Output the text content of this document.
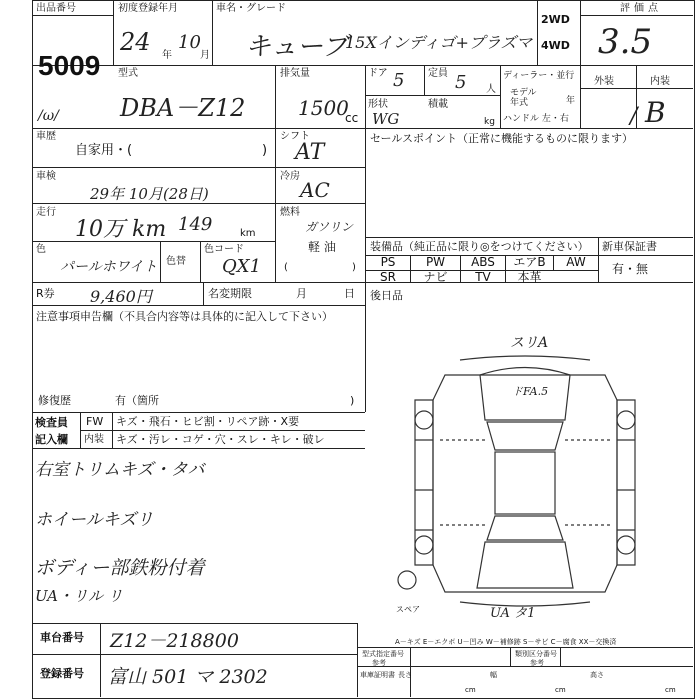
出品番号
5009
初度登録年月
24 年
10
月
車名・グレード
キューブ
15Xインディゴ+プラズマ
2WD
4WD
評価点
3.5
型式
/ω/	DBA－Z12
排気量
1500
cc
ドア 5 定員 5 人
形状
WG
積載
kg
ディーラー・並行
モデル年式	年
ハンドル 左・右
外装	内装
/ B
車歴
自家用・(	)
車検
29年 10月(28日)
走行
10万 km 149	km
色
パールホワイト 色替
色コード
QX1
シフト
AT
冷房
AC
燃料
ガソリン
軽 油
(	)
セールスポイント（正常に機能するものに限ります）
装備品（純正品に限り◎をつけてください） 新車保証書
有・無
PS	PW	ABS	エアB	AW
SR	ナビ	TV	本革
R券 9,460円	名変期限	月	日 後日品
注意事項申告欄（不具合内容等は具体的に記入して下さい）
修復歴	有（箇所	)
検査員
記入欄
FW キズ・飛石・ヒビ割・リペア跡・X要
内装 キズ・汚レ・コゲ・穴・スレ・キレ・破レ
右室トリムキズ・タバ
ホイールキズリ
ボディー部鉄粉付着
UA・リル リ
スリA
ドFA.5
UA タ1
スペア
車台番号 Z12－218800
登録番号 富山 501 マ 2302
A－キズ E－エクボ U－凹み W－補修跡 S－サビ C－腐食 XX－交換済
型式指定番号
参考
類別区分番号
参考
車庫証明書 長さ
cm
幅
cm
高さ
cm
